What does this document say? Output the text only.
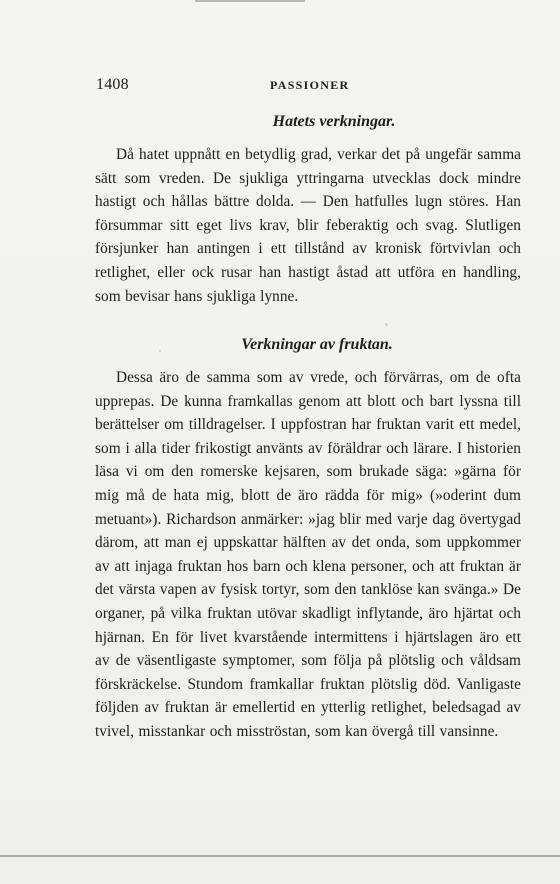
1408	PASSIONER
Hatets verkningar.

Då hatet uppnått en betydlig grad, verkar det på ungefär samma sätt som vreden. De sjukliga yttringarna utvecklas dock mindre hastigt och hållas bättre dolda. — Den hatfulles lugn störes. Han försummar sitt eget livs krav, blir feberaktig och svag. Slutligen försjunker han antingen i ett tillstånd av kronisk förtvivlan och retlighet, eller ock rusar han hastigt åstad att utföra en handling, som bevisar hans sjukliga lynne.

Verkningar av fruktan.

Dessa äro de samma som av vrede, och förvärras, om de ofta upprepas. De kunna framkallas genom att blott och bart lyssna till berättelser om tilldragelser. I uppfostran har fruktan varit ett medel, som i alla tider frikostigt använts av föräldrar och lärare. I historien läsa vi om den romerske kejsaren, som brukade säga: »gärna för mig må de hata mig, blott de äro rädda för mig» (»oderint dum metuant»). Richardson anmärker: »jag blir med varje dag övertygad därom, att man ej uppskattar hälften av det onda, som uppkommer av att injaga fruktan hos barn och klena personer, och att fruktan är det värsta vapen av fysisk tortyr, som den tanklöse kan svänga.» De organer, på vilka fruktan utövar skadligt inflytande, äro hjärtat och hjärnan. En för livet kvarstående intermittens i hjärtslagen äro ett av de väsentligaste symptomer, som följa på plötslig och våldsam förskräckelse. Stundom framkallar fruktan plötslig död. Vanligaste följden av fruktan är emellertid en ytterlig retlighet, beledsagad av tvivel, misstankar och misströstan, som kan övergå till vansinne.
